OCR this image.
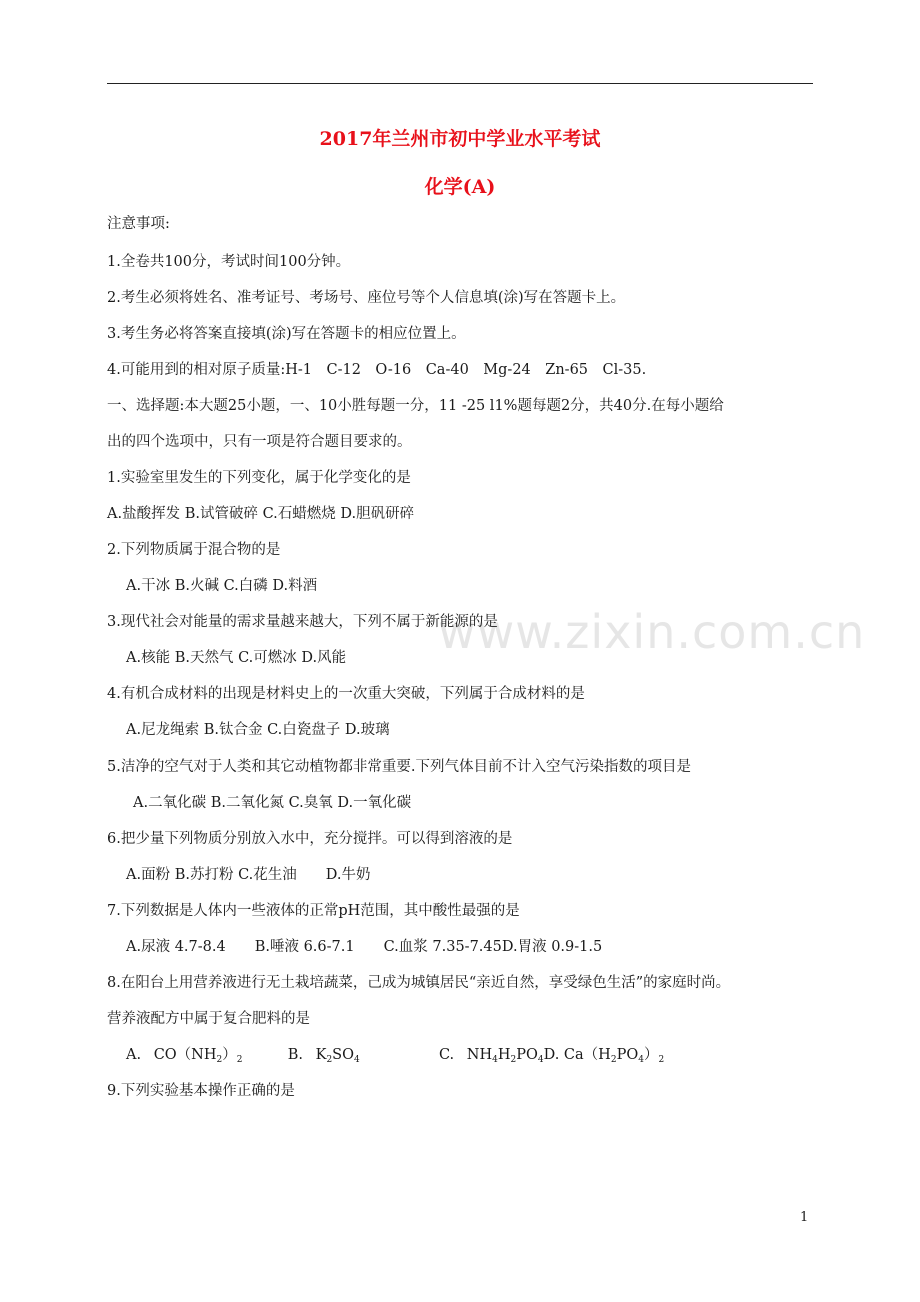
2017年兰州市初中学业水平考试
化学(A)
www.zixin.com.cn
注意事项:
1.全卷共100分，考试时间100分钟。
2.考生必须将姓名、准考证号、考场号、座位号等个人信息填(涂)写在答题卡上。
3.考生务必将答案直接填(涂)写在答题卡的相应位置上。
4.可能用到的相对原子质量:H-1　C-12　O-16　Ca-40　Mg-24　Zn-65　Cl-35.
一、选择题:本大题25小题，一、10小胜每题一分，11 -25 l1%题每题2分，共40分.在每小题给
出的四个选项中，只有一项是符合题目要求的。
1.实验室里发生的下列变化，属于化学变化的是
A.盐酸挥发 B.试管破碎 C.石蜡燃烧 D.胆矾研碎
2.下列物质属于混合物的是
A.干冰 B.火碱 C.白磷 D.料酒
3.现代社会对能量的需求量越来越大，下列不属于新能源的是
A.核能 B.天然气 C.可燃冰 D.风能
4.有机合成材料的出现是材料史上的一次重大突破，下列属于合成材料的是
A.尼龙绳索 B.钛合金 C.白瓷盘子 D.玻璃
5.洁净的空气对于人类和其它动植物都非常重要.下列气体目前不计入空气污染指数的项目是
A.二氧化碳 B.二氧化氮 C.臭氧 D.一氧化碳
6.把少量下列物质分别放入水中，充分搅拌。可以得到溶液的是
A.面粉 B.苏打粉 C.花生油　　D.牛奶
7.下列数据是人体内一些液体的正常pH范围，其中酸性最强的是
A.尿液 4.7-8.4　　B.唾液 6.6-7.1　　C.血浆 7.35-7.45D.胃液 0.9-1.5
8.在阳台上用营养液进行无土栽培蔬菜，己成为城镇居民“亲近自然，享受绿色生活”的家庭时尚。
营养液配方中属于复合肥料的是
A. $CO(NH_2)_2$	B. $K_2SO_4$	C. $NH_4H_2PO_4D$. $Ca(H_2PO_4)_2$
9.下列实验基本操作正确的是
1
